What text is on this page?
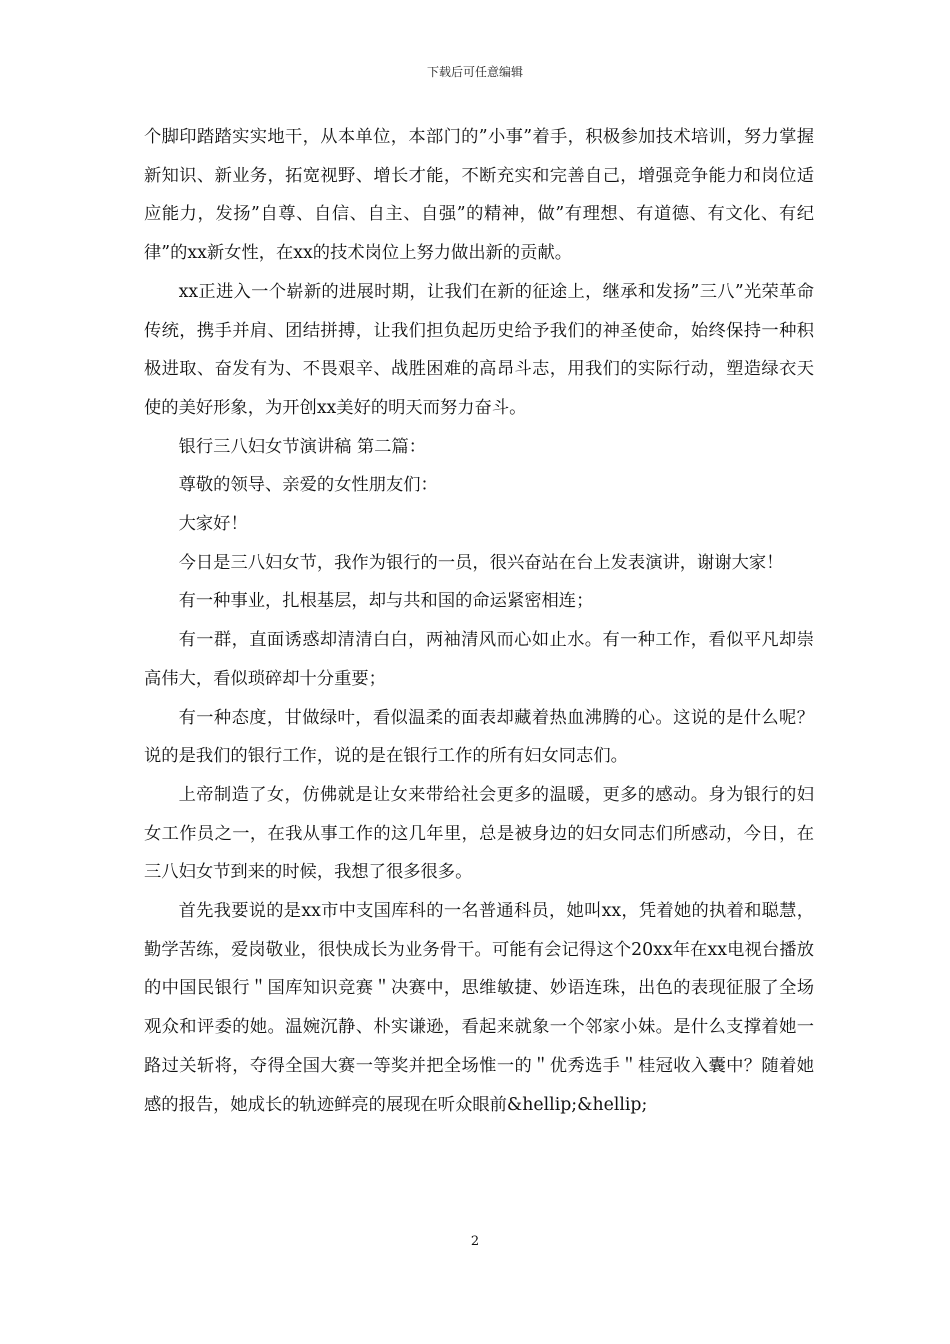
下载后可任意编辑

个脚印踏踏实实地干，从本单位，本部门的”小事”着手，积极参加技术培训，努力掌握新知识、新业务，拓宽视野、增长才能，不断充实和完善自己，增强竞争能力和岗位适应能力，发扬”自尊、自信、自主、自强”的精神，做”有理想、有道德、有文化、有纪律”的xx新女性，在xx的技术岗位上努力做出新的贡献。

xx正进入一个崭新的进展时期，让我们在新的征途上，继承和发扬”三八”光荣革命传统，携手并肩、团结拼搏，让我们担负起历史给予我们的神圣使命，始终保持一种积极进取、奋发有为、不畏艰辛、战胜困难的高昂斗志，用我们的实际行动，塑造绿衣天使的美好形象，为开创xx美好的明天而努力奋斗。

银行三八妇女节演讲稿 第二篇：

尊敬的领导、亲爱的女性朋友们：

大家好！

今日是三八妇女节，我作为银行的一员，很兴奋站在台上发表演讲，谢谢大家！

有一种事业，扎根基层，却与共和国的命运紧密相连；

有一群，直面诱惑却清清白白，两袖清风而心如止水。有一种工作，看似平凡却崇高伟大，看似琐碎却十分重要；

有一种态度，甘做绿叶，看似温柔的面表却藏着热血沸腾的心。这说的是什么呢？说的是我们的银行工作，说的是在银行工作的所有妇女同志们。

上帝制造了女，仿佛就是让女来带给社会更多的温暖，更多的感动。身为银行的妇女工作员之一，在我从事工作的这几年里，总是被身边的妇女同志们所感动，今日，在三八妇女节到来的时候，我想了很多很多。

首先我要说的是xx市中支国库科的一名普通科员，她叫xx，凭着她的执着和聪慧，勤学苦练，爱岗敬业，很快成长为业务骨干。可能有会记得这个20xx年在xx电视台播放的中国民银行＂国库知识竞赛＂决赛中，思维敏捷、妙语连珠，出色的表现征服了全场观众和评委的她。温婉沉静、朴实谦逊，看起来就象一个邻家小妹。是什么支撑着她一路过关斩将，夺得全国大赛一等奖并把全场惟一的＂优秀选手＂桂冠收入囊中？随着她感的报告，她成长的轨迹鲜亮的展现在听众眼前&hellip;&hellip;

2
